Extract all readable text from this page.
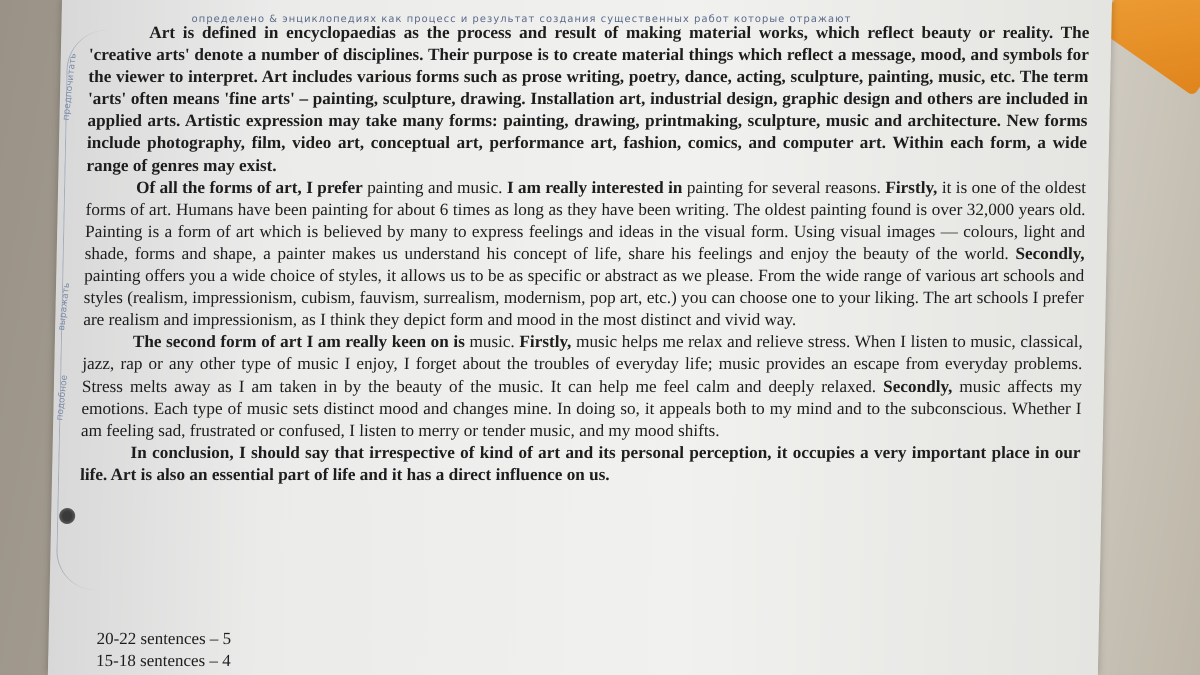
определено & энциклопедиях как процесс и результат создания существенных работ которые отражают
предпочитать
выражать
подобное

Art is defined in encyclopaedias as the process and result of making material works, which reflect beauty or reality. The 'creative arts' denote a number of disciplines. Their purpose is to create material things which reflect a message, mood, and symbols for the viewer to interpret. Art includes various forms such as prose writing, poetry, dance, acting, sculpture, painting, music, etc. The term 'arts' often means 'fine arts' – painting, sculpture, drawing. Installation art, industrial design, graphic design and others are included in applied arts. Artistic expression may take many forms: painting, drawing, printmaking, sculpture, music and architecture. New forms include photography, film, video art, conceptual art, performance art, fashion, comics, and computer art. Within each form, a wide range of genres may exist.

Of all the forms of art, I prefer painting and music. I am really interested in painting for several reasons. Firstly, it is one of the oldest forms of art. Humans have been painting for about 6 times as long as they have been writing. The oldest painting found is over 32,000 years old. Painting is a form of art which is believed by many to express feelings and ideas in the visual form. Using visual images — colours, light and shade, forms and shape, a painter makes us understand his concept of life, share his feelings and enjoy the beauty of the world. Secondly, painting offers you a wide choice of styles, it allows us to be as specific or abstract as we please. From the wide range of various art schools and styles (realism, impressionism, cubism, fauvism, surrealism, modernism, pop art, etc.) you can choose one to your liking. The art schools I prefer are realism and impressionism, as I think they depict form and mood in the most distinct and vivid way.

The second form of art I am really keen on is music. Firstly, music helps me relax and relieve stress. When I listen to music, classical, jazz, rap or any other type of music I enjoy, I forget about the troubles of everyday life; music provides an escape from everyday problems. Stress melts away as I am taken in by the beauty of the music. It can help me feel calm and deeply relaxed. Secondly, music affects my emotions. Each type of music sets distinct mood and changes mine. In doing so, it appeals both to my mind and to the subconscious. Whether I am feeling sad, frustrated or confused, I listen to merry or tender music, and my mood shifts.

In conclusion, I should say that irrespective of kind of art and its personal perception, it occupies a very important place in our life. Art is also an essential part of life and it has a direct influence on us.

20-22 sentences – 5
15-18 sentences – 4
